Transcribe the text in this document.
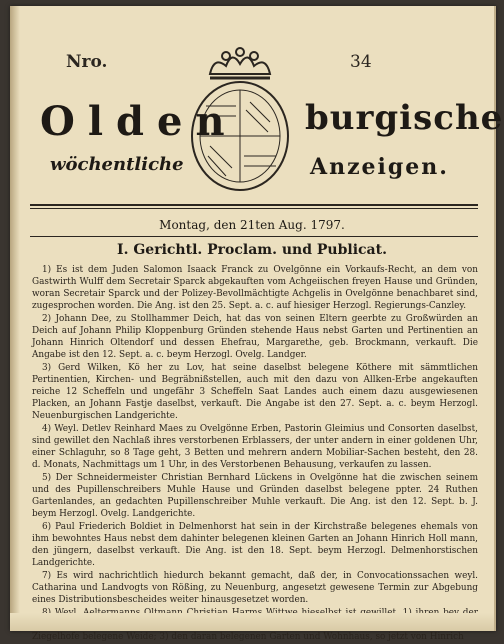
Nro.	34
Olden burgische
wöchentliche	Anzeigen.
Montag, den 21ten Aug. 1797.
I. Gerichtl. Proclam. und Publicat.

1) Es ist dem Juden Salomon Isaack Franck zu Ovelgönne ein Vorkaufs-Recht, an dem von Gastwirth Wulff dem Secretair Sparck abgekauften vom Achgeiischen freyen Hause und Gründen, woran Secretair Sparck und der Polizey-Bevollmächtigte Achgelis in Ovelgönne benachbaret sind, zugesprochen worden. Die Ang. ist den 25. Sept. a. c. auf hiesiger Herzogl. Regierungs-Canzley.

2) Johann Dee, zu Stollhammer Deich, hat das von seinen Eltern geerbte zu Großwürden an Deich auf Johann Philip Kloppenburg Gründen stehende Haus nebst Garten und Pertinentien an Johann Hinrich Oltendorf und dessen Ehefrau, Margarethe, geb. Brockmann, verkauft. Die Angabe ist den 12. Sept. a. c. beym Herzogl. Ovelg. Landger.

3) Gerd Wilken, Kö her zu Lov, hat seine daselbst belegene Köthere mit sämmtlichen Pertinentien, Kirchen- und Begräbnißstellen, auch mit den dazu von Allken-Erbe angekauften reiche 12 Scheffeln und ungefähr 3 Scheffeln Saat Landes auch einem dazu ausgewiesenen Placken, an Johann Fastje daselbst, verkauft. Die Angabe ist den 27. Sept. a. c. beym Herzogl. Neuenburgischen Landgerichte.

4) Weyl. Detlev Reinhard Maes zu Ovelgönne Erben, Pastorin Gleimius und Consorten daselbst, sind gewillet den Nachlaß ihres verstorbenen Erblassers, der unter andern in einer goldenen Uhr, einer Schlaguhr, so 8 Tage geht, 3 Betten und mehrern andern Mobiliar-Sachen besteht, den 28. d. Monats, Nachmittags um 1 Uhr, in des Verstorbenen Behausung, verkaufen zu lassen.

5) Der Schneidermeister Christian Bernhard Lückens in Ovelgönne hat die zwischen seinem und des Pupillenschreibers Muhle Hause und Gründen daselbst belegene ppter. 24 Ruthen Gartenlandes, an gedachten Pupillenschreiber Muhle verkauft. Die Ang. ist den 12. Sept. b. J. beym Herzogl. Ovelg. Landgerichte.

6) Paul Friederich Boldiet in Delmenhorst hat sein in der Kirchstraße belegenes ehemals von ihm bewohntes Haus nebst dem dahinter belegenen kleinen Garten an Johann Hinrich Holl mann, den jüngern, daselbst verkauft. Die Ang. ist den 18. Sept. beym Herzogl. Delmenhorstischen Landgerichte.

7) Es wird nachrichtlich hiedurch bekannt gemacht, daß der, in Convocationssachen weyl. Catharina und Landvogts von Rößing, zu Neuenburg, angesetzt gewesene Termin zur Abgebung eines Distributionsbescheides weiter hinausgesetzet worden.

Ziegelhofe belegene Weide; 3) den daran belegenen Garten und Wohnhaus, so jetzt von Hinrich
